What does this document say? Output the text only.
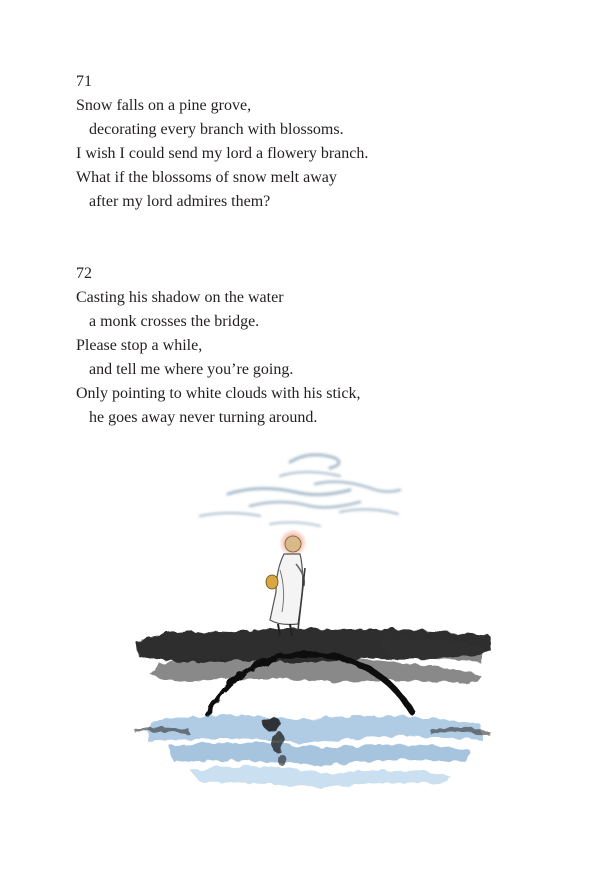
71
Snow falls on a pine grove,
decorating every branch with blossoms.
I wish I could send my lord a flowery branch.
What if the blossoms of snow melt away
after my lord admires them?
72
Casting his shadow on the water
a monk crosses the bridge.
Please stop a while,
and tell me where you’re going.
Only pointing to white clouds with his stick,
he goes away never turning around.
